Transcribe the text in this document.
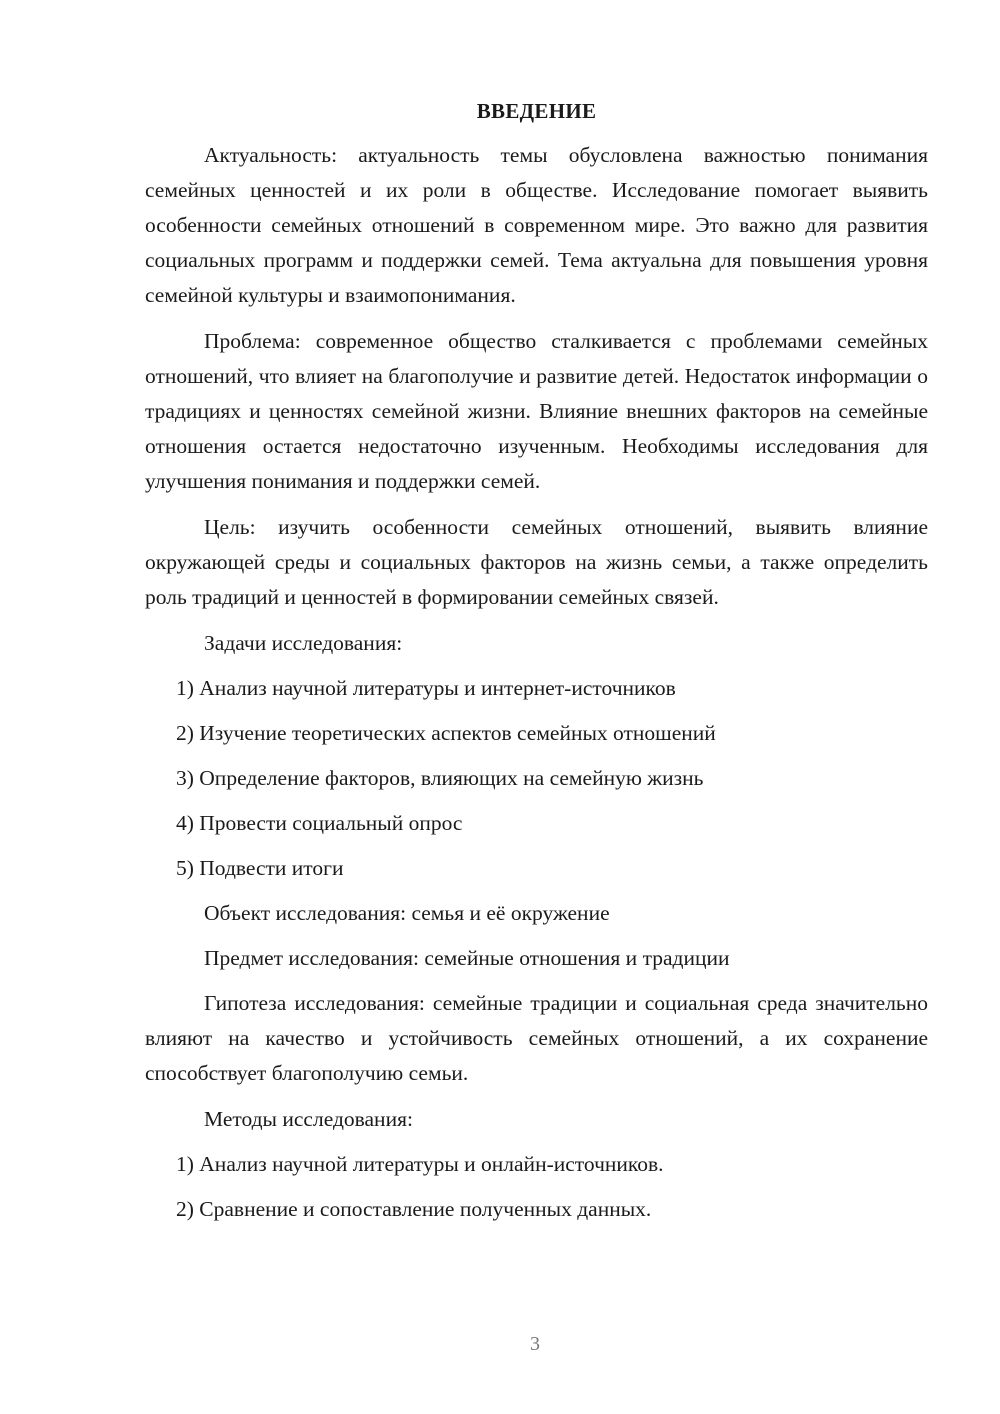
ВВЕДЕНИЕ

Актуальность: актуальность темы обусловлена важностью понимания семейных ценностей и их роли в обществе. Исследование помогает выявить особенности семейных отношений в современном мире. Это важно для развития социальных программ и поддержки семей. Тема актуальна для повышения уровня семейной культуры и взаимопонимания.

Проблема: современное общество сталкивается с проблемами семейных отношений, что влияет на благополучие и развитие детей. Недостаток информации о традициях и ценностях семейной жизни. Влияние внешних факторов на семейные отношения остается недостаточно изученным. Необходимы исследования для улучшения понимания и поддержки семей.

Цель: изучить особенности семейных отношений, выявить влияние окружающей среды и социальных факторов на жизнь семьи, а также определить роль традиций и ценностей в формировании семейных связей.

Задачи исследования:
1) Анализ научной литературы и интернет-источников
2) Изучение теоретических аспектов семейных отношений
3) Определение факторов, влияющих на семейную жизнь
4) Провести социальный опрос
5) Подвести итоги
Объект исследования: семья и её окружение
Предмет исследования: семейные отношения и традиции

Гипотеза исследования: семейные традиции и социальная среда значительно влияют на качество и устойчивость семейных отношений, а их сохранение способствует благополучию семьи.

Методы исследования:
1) Анализ научной литературы и онлайн-источников.
2) Сравнение и сопоставление полученных данных.
3
